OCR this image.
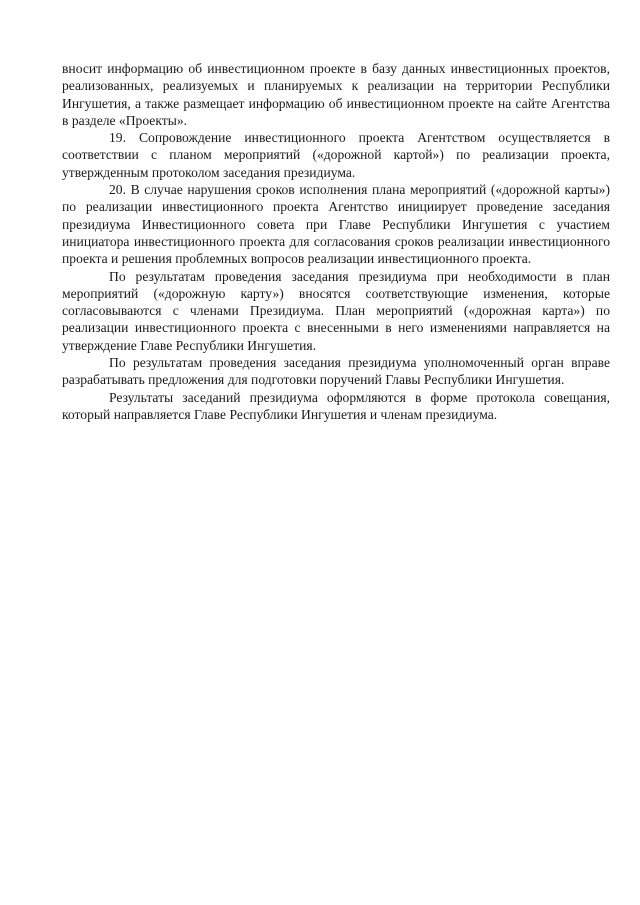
вносит информацию об инвестиционном проекте в базу данных инвестиционных проектов, реализованных, реализуемых и планируемых к реализации на территории Республики Ингушетия, а также размещает информацию об инвестиционном проекте на сайте Агентства в разделе «Проекты».

19. Сопровождение инвестиционного проекта Агентством осуществляется в соответствии с планом мероприятий («дорожной картой») по реализации проекта, утвержденным протоколом заседания президиума.

20. В случае нарушения сроков исполнения плана мероприятий («дорожной карты») по реализации инвестиционного проекта Агентство инициирует проведение заседания президиума Инвестиционного совета при Главе Республики Ингушетия с участием инициатора инвестиционного проекта для согласования сроков реализации инвестиционного проекта и решения проблемных вопросов реализации инвестиционного проекта.

По результатам проведения заседания президиума при необходимости в план мероприятий («дорожную карту») вносятся соответствующие изменения, которые согласовываются с членами Президиума. План мероприятий («дорожная карта») по реализации инвестиционного проекта с внесенными в него изменениями направляется на утверждение Главе Республики Ингушетия.

По результатам проведения заседания президиума уполномоченный орган вправе разрабатывать предложения для подготовки поручений Главы Республики Ингушетия.

Результаты заседаний президиума оформляются в форме протокола совещания, который направляется Главе Республики Ингушетия и членам президиума.
